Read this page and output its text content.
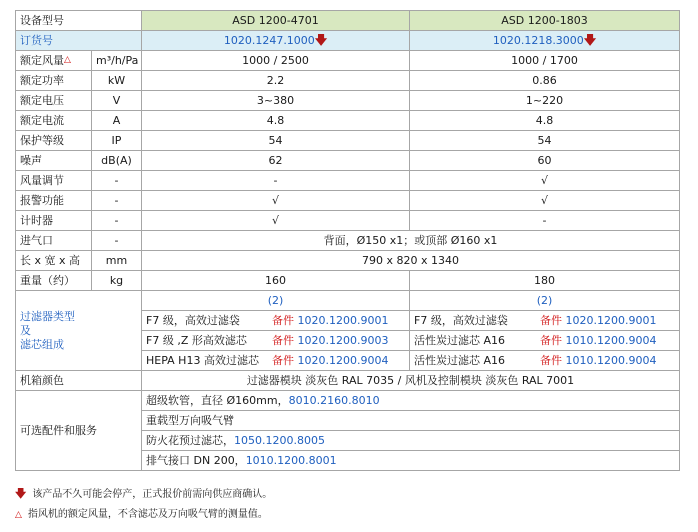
设备型号		ASD 1200-4701	ASD 1200-1803
订货号		1020.1247.1000🡇	1020.1218.3000🡇
额定风量△	m³/h/Pa	1000 / 2500	1000 / 1700
额定功率	kW	2.2	0.86
额定电压	V	3~380	1~220
额定电流	A	4.8	4.8
保护等级	IP	54	54
噪声	dB(A)	62	60
风量调节	-	-	√
报警功能	-	√	√
计时器	-	√	-
进气口	-	背面，Ø150 x1；或顶部 Ø160 x1	
长 x 宽 x 高	mm	790 x 820 x 1340	
重量（约）	kg	160	180

过滤器类型
及
滤芯组成		(2)	(2)
		F7 级，高效过滤袋 备件 1020.1200.9001	F7 级，高效过滤袋 备件 1020.1200.9001
		F7 级 ,Z 形高效滤芯 备件 1020.1200.9003	活性炭过滤芯 A16 备件 1010.1200.9004
		HEPA H13 高效过滤芯 备件 1020.1200.9004	活性炭过滤芯 A16 备件 1010.1200.9004
机箱颜色		过滤器模块 淡灰色 RAL 7035 / 风机及控制模块 淡灰色 RAL 7001	
可选配件和服务		超级软管，直径 Ø160mm，8010.2160.8010	
		重载型万向吸气臂	
		防火花预过滤芯，1050.1200.8005	
		排气接口 DN 200，1010.1200.8001	
🡇 该产品不久可能会停产，正式报价前需向供应商确认。
△ 指风机的额定风量，不含滤芯及万向吸气臂的测量值。
